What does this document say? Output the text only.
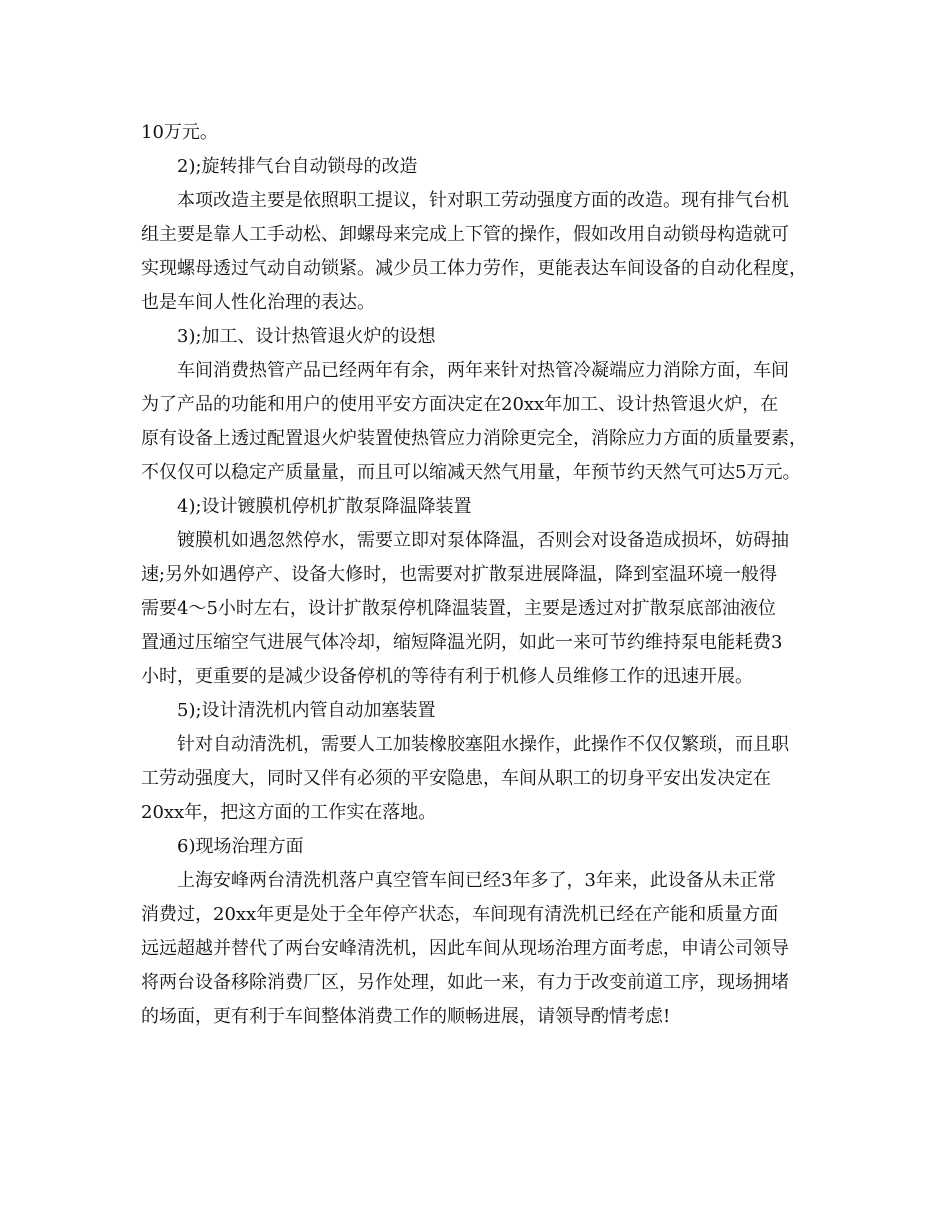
10万元。
2);旋转排气台自动锁母的改造
本项改造主要是依照职工提议，针对职工劳动强度方面的改造。现有排气台机
组主要是靠人工手动松、卸螺母来完成上下管的操作，假如改用自动锁母构造就可
实现螺母透过气动自动锁紧。减少员工体力劳作，更能表达车间设备的自动化程度，
也是车间人性化治理的表达。
3);加工、设计热管退火炉的设想
车间消费热管产品已经两年有余，两年来针对热管冷凝端应力消除方面，车间
为了产品的功能和用户的使用平安方面决定在20xx年加工、设计热管退火炉，在
原有设备上透过配置退火炉装置使热管应力消除更完全，消除应力方面的质量要素，
不仅仅可以稳定产质量量，而且可以缩减天然气用量，年预节约天然气可达5万元。
4);设计镀膜机停机扩散泵降温降装置
镀膜机如遇忽然停水，需要立即对泵体降温，否则会对设备造成损坏，妨碍抽
速;另外如遇停产、设备大修时，也需要对扩散泵进展降温，降到室温环境一般得
需要4～5小时左右，设计扩散泵停机降温装置，主要是透过对扩散泵底部油液位
置通过压缩空气进展气体冷却，缩短降温光阴，如此一来可节约维持泵电能耗费3
小时，更重要的是减少设备停机的等待有利于机修人员维修工作的迅速开展。
5);设计清洗机内管自动加塞装置
针对自动清洗机，需要人工加装橡胶塞阻水操作，此操作不仅仅繁琐，而且职
工劳动强度大，同时又伴有必须的平安隐患，车间从职工的切身平安出发决定在
20xx年，把这方面的工作实在落地。
6)现场治理方面
上海安峰两台清洗机落户真空管车间已经3年多了，3年来，此设备从未正常
消费过，20xx年更是处于全年停产状态，车间现有清洗机已经在产能和质量方面
远远超越并替代了两台安峰清洗机，因此车间从现场治理方面考虑，申请公司领导
将两台设备移除消费厂区，另作处理，如此一来，有力于改变前道工序，现场拥堵
的场面，更有利于车间整体消费工作的顺畅进展，请领导酌情考虑!
